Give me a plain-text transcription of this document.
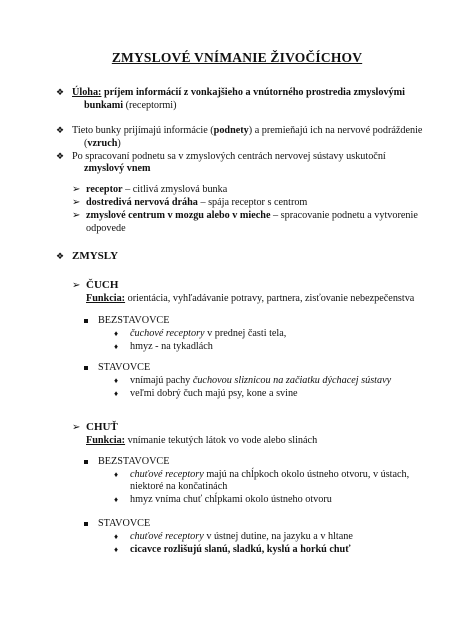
ZMYSLOVÉ VNÍMANIE ŽIVOČÍCHOV
❖ Úloha: príjem informácií z vonkajšieho a vnútorného prostredia zmyslovými
bunkami (receptormi)
❖ Tieto bunky prijímajú informácie (podnety) a premieňajú ich na nervové podráždenie
(vzruch)
❖ Po spracovaní podnetu sa v zmyslových centrách nervovej sústavy uskutoční
zmyslový vnem
➢ receptor – citlivá zmyslová bunka
➢ dostredivá nervová dráha – spája receptor s centrom
➢ zmyslové centrum v mozgu alebo v mieche – spracovanie podnetu a vytvorenie
odpovede
❖ ZMYSLY
➢ ČUCH
Funkcia: orientácia, vyhľadávanie potravy, partnera, zisťovanie nebezpečenstva
BEZSTAVOVCE
♦ čuchové receptory v prednej časti tela,
♦ hmyz - na tykadlách
STAVOVCE
♦ vnímajú pachy čuchovou sliznicou na začiatku dýchacej sústavy
♦ veľmi dobrý čuch majú psy, kone a svine
➢ CHUŤ
Funkcia: vnímanie tekutých látok vo vode alebo slinách
BEZSTAVOVCE
♦ chuťové receptory majú na chĺpkoch okolo ústneho otvoru, v ústach,
niektoré na končatinách
♦ hmyz vníma chuť chĺpkami okolo ústneho otvoru
STAVOVCE
♦ chuťové receptory v ústnej dutine, na jazyku a v hltane
♦ cicavce rozlišujú slanú, sladkú, kyslú a horkú chuť
